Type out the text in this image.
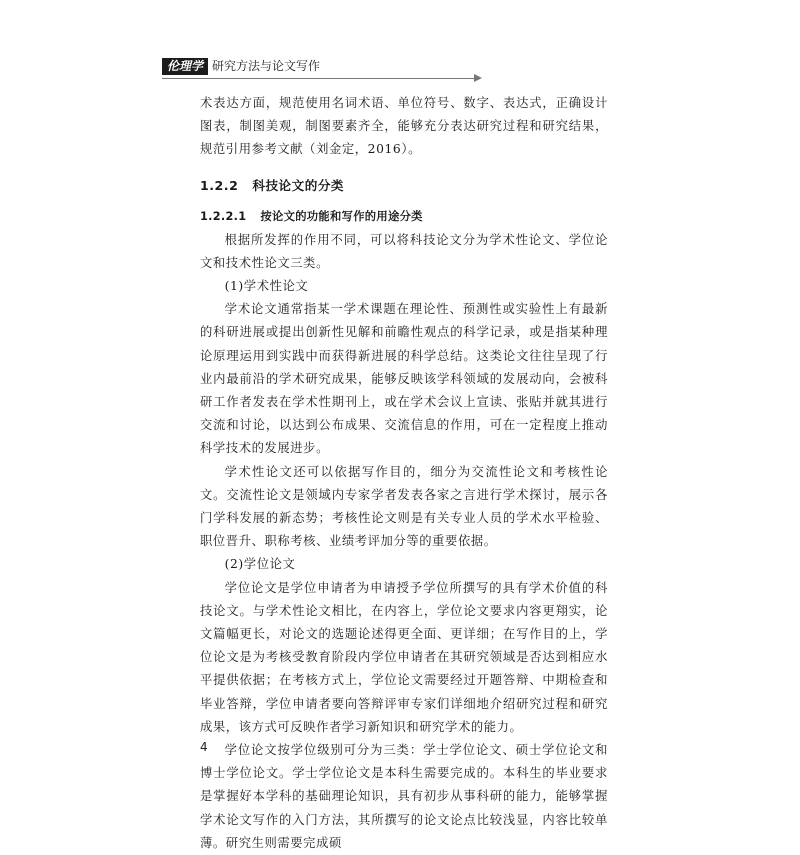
伦理学 研究方法与论文写作

术表达方面，规范使用名词术语、单位符号、数字、表达式，正确设计图表，制图美观，制图要素齐全，能够充分表达研究过程和研究结果，规范引用参考文献（刘金定，2016）。

1.2.2 科技论文的分类
1.2.2.1 按论文的功能和写作的用途分类

根据所发挥的作用不同，可以将科技论文分为学术性论文、学位论文和技术性论文三类。

(1)学术性论文

学术论文通常指某一学术课题在理论性、预测性或实验性上有最新的科研进展或提出创新性见解和前瞻性观点的科学记录，或是指某种理论原理运用到实践中而获得新进展的科学总结。这类论文往往呈现了行业内最前沿的学术研究成果，能够反映该学科领域的发展动向，会被科研工作者发表在学术性期刊上，或在学术会议上宣读、张贴并就其进行交流和讨论，以达到公布成果、交流信息的作用，可在一定程度上推动科学技术的发展进步。

学术性论文还可以依据写作目的，细分为交流性论文和考核性论文。交流性论文是领域内专家学者发表各家之言进行学术探讨，展示各门学科发展的新态势；考核性论文则是有关专业人员的学术水平检验、职位晋升、职称考核、业绩考评加分等的重要依据。

(2)学位论文

学位论文是学位申请者为申请授予学位所撰写的具有学术价值的科技论文。与学术性论文相比，在内容上，学位论文要求内容更翔实，论文篇幅更长，对论文的选题论述得更全面、更详细；在写作目的上，学位论文是为考核受教育阶段内学位申请者在其研究领域是否达到相应水平提供依据；在考核方式上，学位论文需要经过开题答辩、中期检查和毕业答辩，学位申请者要向答辩评审专家们详细地介绍研究过程和研究成果，该方式可反映作者学习新知识和研究学术的能力。

学位论文按学位级别可分为三类：学士学位论文、硕士学位论文和博士学位论文。学士学位论文是本科生需要完成的。本科生的毕业要求是掌握好本学科的基础理论知识，具有初步从事科研的能力，能够掌握学术论文写作的入门方法，其所撰写的论文论点比较浅显，内容比较单薄。研究生则需要完成硕

4
